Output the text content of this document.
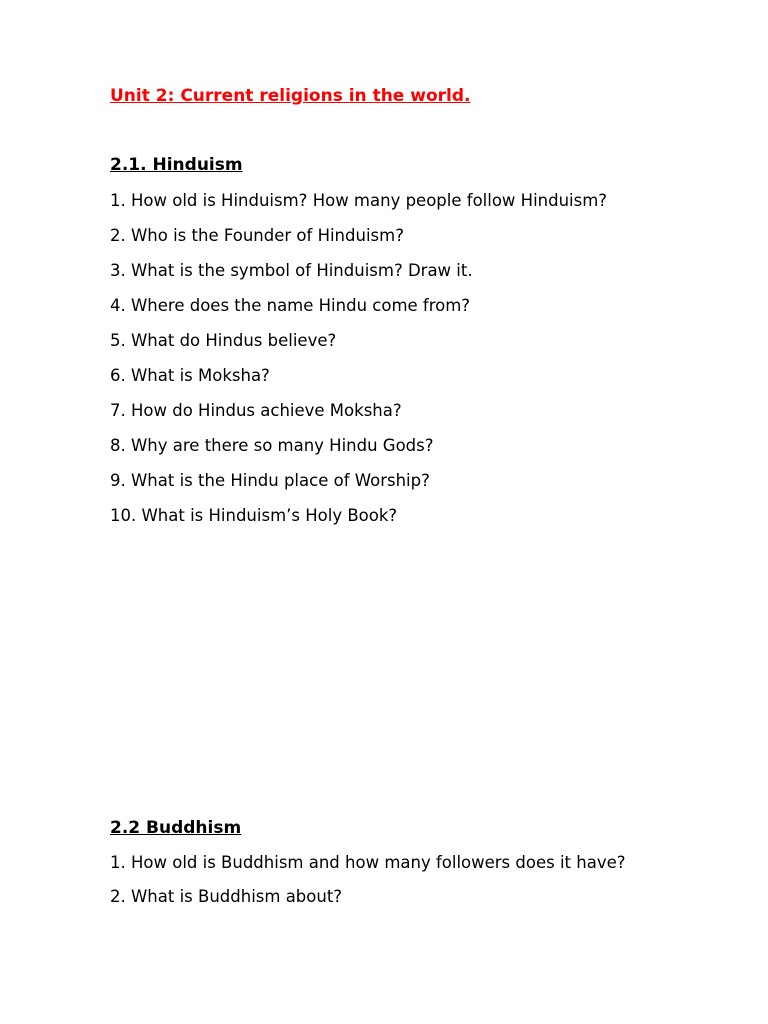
Unit 2: Current religions in the world.
2.1. Hinduism
1. How old is Hinduism? How many people follow Hinduism?
2. Who is the Founder of Hinduism?
3. What is the symbol of Hinduism? Draw it.
4. Where does the name Hindu come from?
5. What do Hindus believe?
6. What is Moksha?
7. How do Hindus achieve Moksha?
8. Why are there so many Hindu Gods?
9. What is the Hindu place of Worship?
10. What is Hinduism’s Holy Book?
2.2 Buddhism
1. How old is Buddhism and how many followers does it have?
2. What is Buddhism about?
